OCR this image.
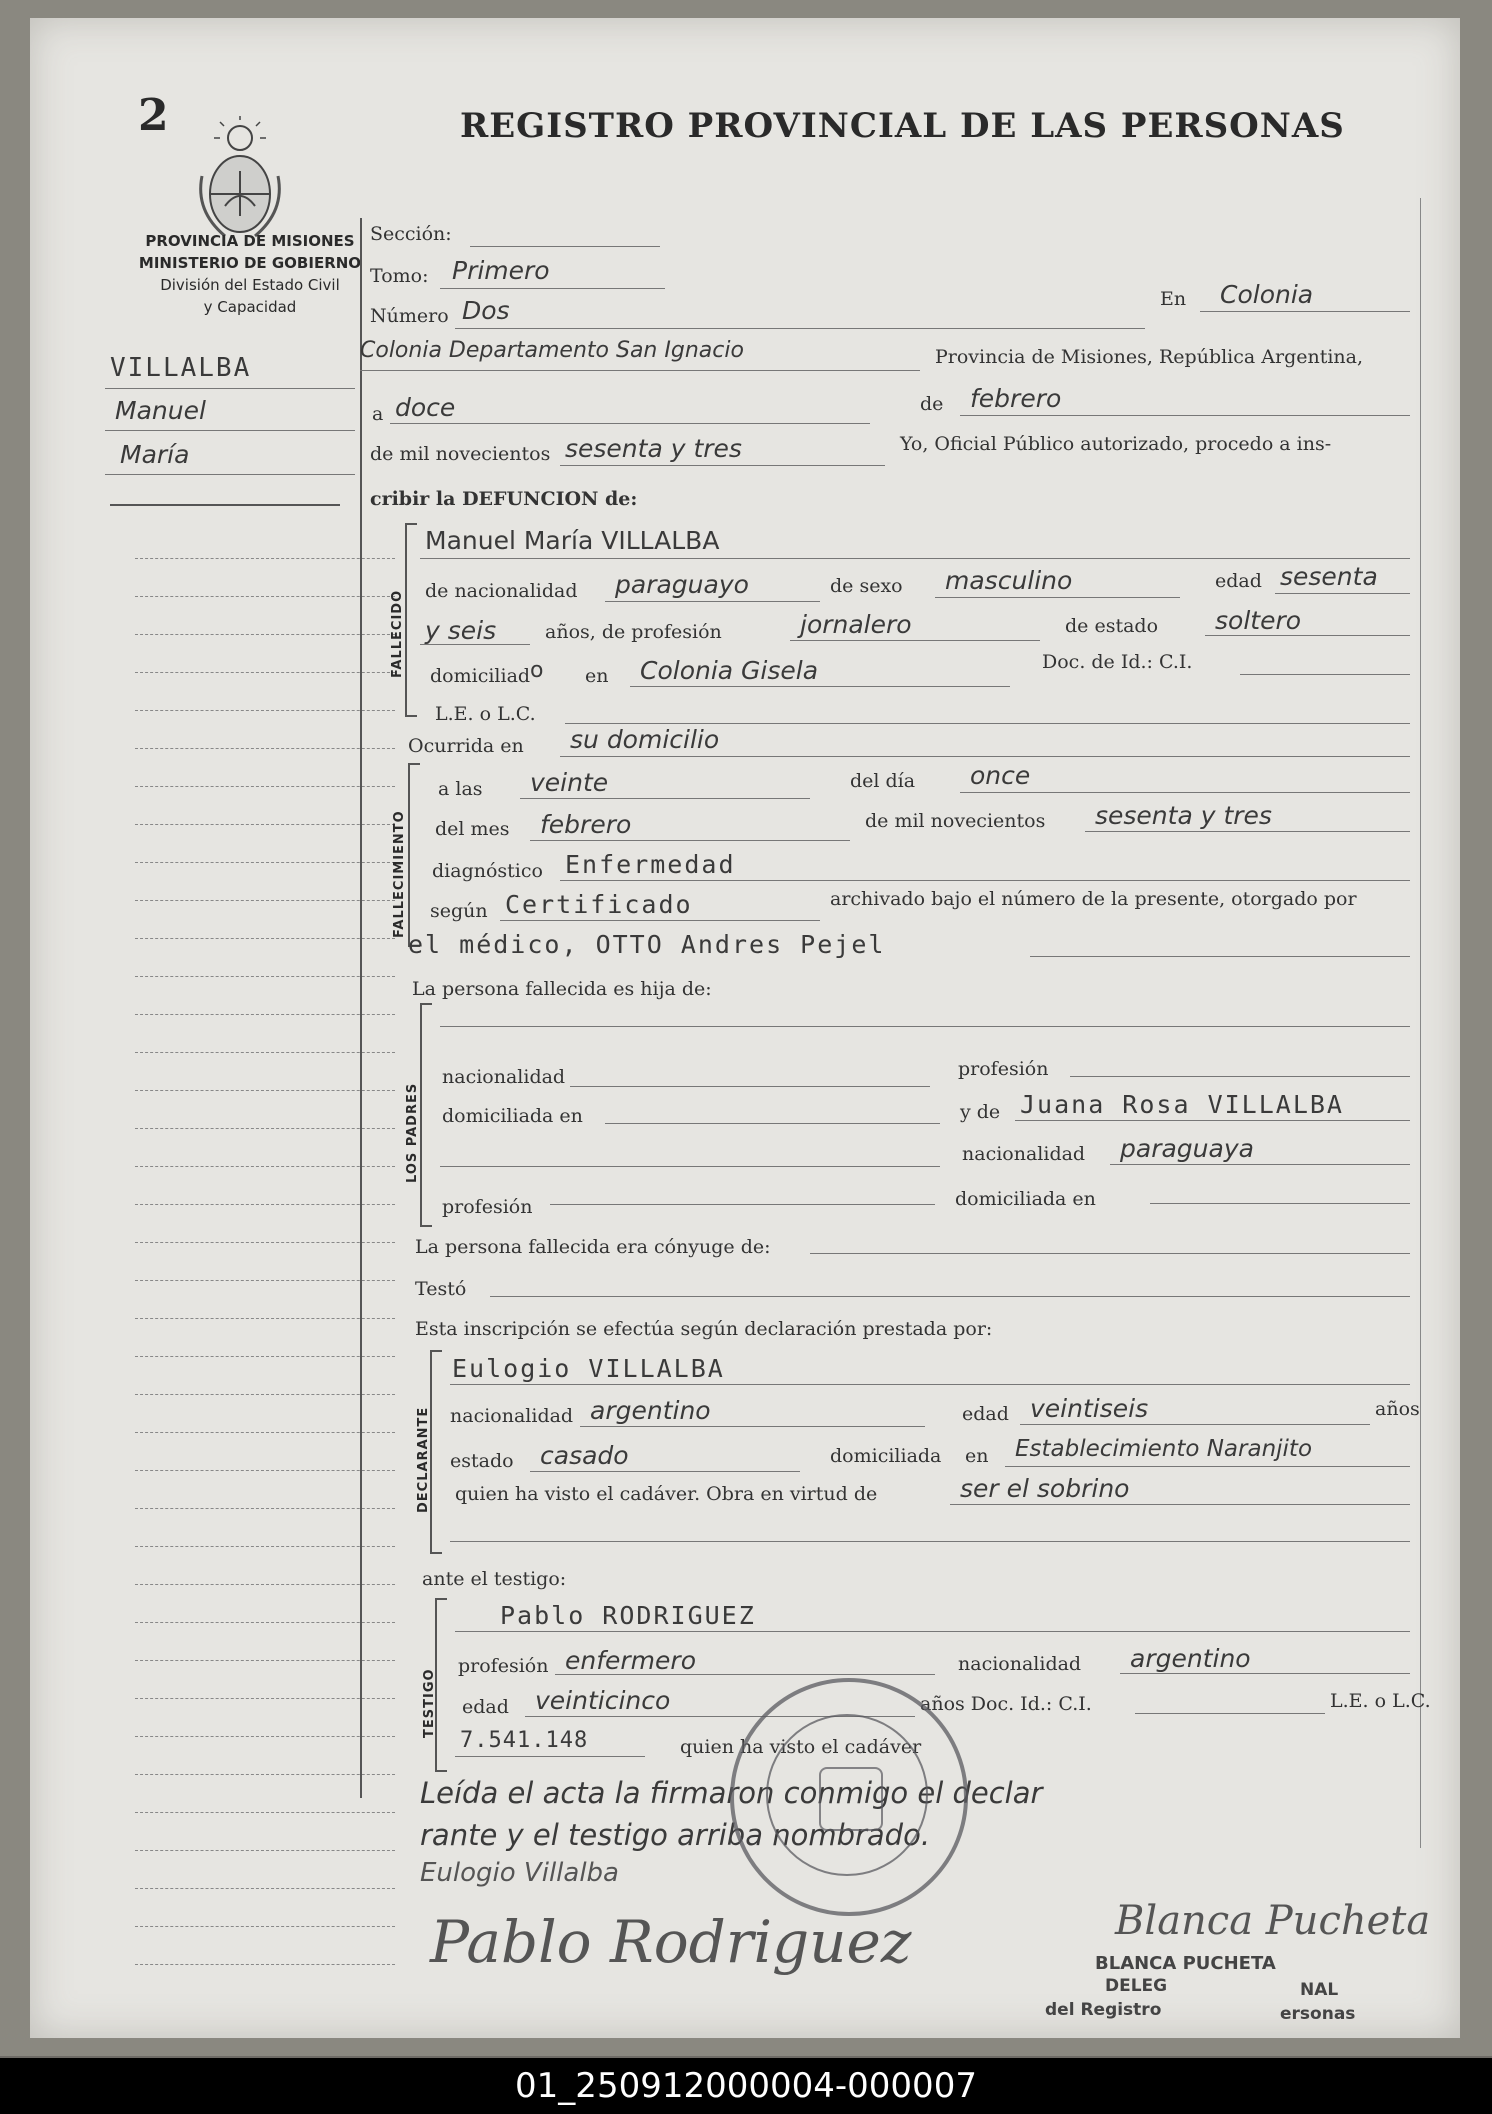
2	REGISTRO PROVINCIAL DE LAS PERSONAS
PROVINCIA DE MISIONES
MINISTERIO DE GOBIERNO
División del Estado Civil
y Capacidad
VILLALBA
Manuel
María
Sección:
Tomo: Primero
Número Dos	En Colonia
Colonia Departamento San Ignacio	Provincia de Misiones, República Argentina,
a doce	de febrero
de mil novecientos sesenta y tres	Yo, Oficial Público autorizado, procedo a ins-
cribir la DEFUNCION de:
FALLECIDO
Manuel María VILLALBA
de nacionalidad paraguayo	de sexo masculino	edad sesenta
y seis	años, de profesión	jornalero	de estado soltero
domiciliad o en Colonia Gisela	Doc. de Id.: C.I.
L.E. o L.C.
Ocurrida en su domicilio
FALLECIMIENTO
a las veinte	del día once
del mes febrero	de mil novecientos sesenta y tres
diagnóstico Enfermedad
según Certificado	archivado bajo el número de la presente, otorgado por
el médico, OTTO Andres Pejel
La persona fallecida es hija de:
LOS PADRES
nacionalidad	profesión
domiciliada en	y de Juana Rosa VILLALBA
nacionalidad paraguaya
profesión	domiciliada en
La persona fallecida era cónyuge de:
Testó
Esta inscripción se efectúa según declaración prestada por:
DECLARANTE
Eulogio VILLALBA
nacionalidad argentino	edad veintiseis	años
estado casado	domiciliada en Establecimiento Naranjito
quien ha visto el cadáver. Obra en virtud de	ser el sobrino
ante el testigo:
TESTIGO
Pablo RODRIGUEZ
profesión enfermero	nacionalidad argentino
edad veinticinco	años Doc. Id.: C.I.	L.E. o L.C.
7.541.148	quien ha visto el cadáver
Leída el acta la firmaron conmigo el declar
rante y el testigo arriba nombrado.
Eulogio Villalba
Pablo Rodriguez	Blanca Pucheta
BLANCA PUCHETA
DELEG	NAL
del Registro	ersonas
01_250912000004-000007
